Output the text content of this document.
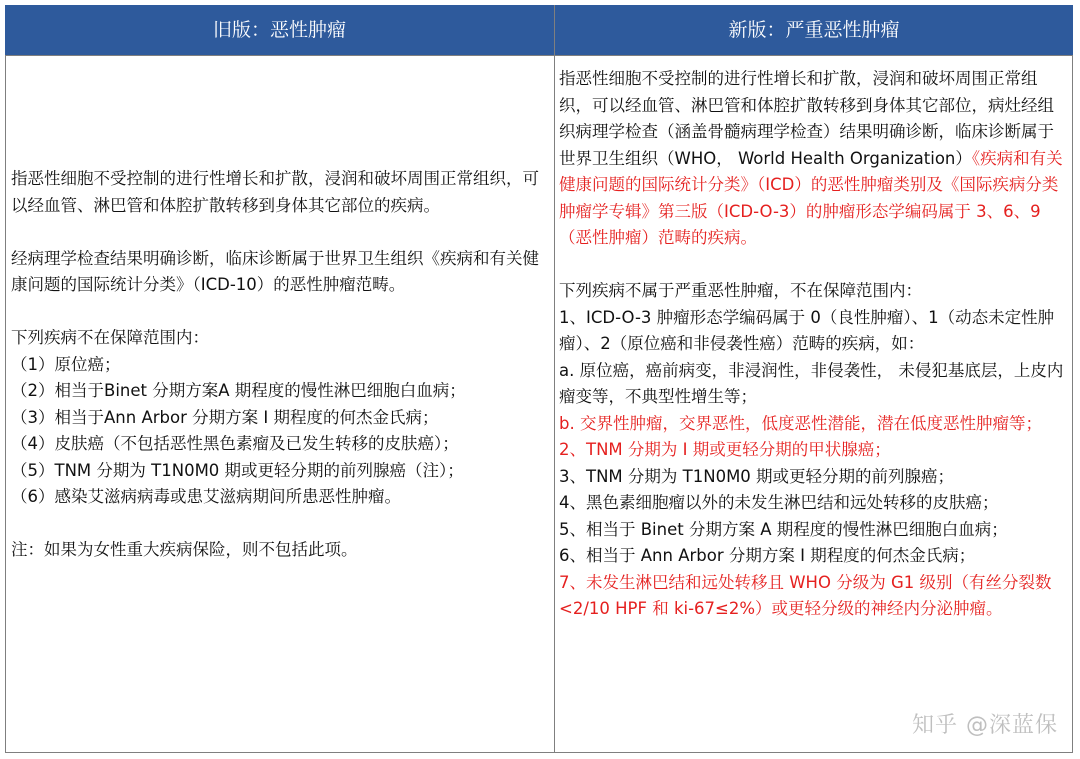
旧版：恶性肿瘤	新版：严重恶性肿瘤

指恶性细胞不受控制的进行性增长和扩散，浸润和破坏周围正常组织，可以经血管、淋巴管和体腔扩散转移到身体其它部位的疾病。

经病理学检查结果明确诊断，临床诊断属于世界卫生组织《疾病和有关健康问题的国际统计分类》（ICD-10）的恶性肿瘤范畴。

下列疾病不在保障范围内：

（1）原位癌；

（2）相当于Binet 分期方案A 期程度的慢性淋巴细胞白血病；

（3）相当于Ann Arbor 分期方案 I 期程度的何杰金氏病；

（4）皮肤癌（不包括恶性黑色素瘤及已发生转移的皮肤癌）；

（5）TNM 分期为 T1N0M0 期或更轻分期的前列腺癌（注）；

（6）感染艾滋病病毒或患艾滋病期间所患恶性肿瘤。

注：如果为女性重大疾病保险，则不包括此项。

指恶性细胞不受控制的进行性增长和扩散，浸润和破坏周围正常组织，可以经血管、淋巴管和体腔扩散转移到身体其它部位，病灶经组织病理学检查（涵盖骨髓病理学检查）结果明确诊断，临床诊断属于世界卫生组织（WHO， World Health Organization）《疾病和有关健康问题的国际统计分类》（ICD）的恶性肿瘤类别及《国际疾病分类肿瘤学专辑》第三版（ICD-O-3）的肿瘤形态学编码属于 3、6、9（恶性肿瘤）范畴的疾病。

下列疾病不属于严重恶性肿瘤，不在保障范围内：

1、ICD-O-3 肿瘤形态学编码属于 0（良性肿瘤）、1（动态未定性肿瘤）、2（原位癌和非侵袭性癌）范畴的疾病，如：

a. 原位癌，癌前病变，非浸润性，非侵袭性， 未侵犯基底层，上皮内瘤变等，不典型性增生等；

b. 交界性肿瘤，交界恶性，低度恶性潜能，潜在低度恶性肿瘤等；

2、TNM 分期为 I 期或更轻分期的甲状腺癌；

3、TNM 分期为 T1N0M0 期或更轻分期的前列腺癌；

4、黑色素细胞瘤以外的未发生淋巴结和远处转移的皮肤癌；

5、相当于 Binet 分期方案 A 期程度的慢性淋巴细胞白血病；

6、相当于 Ann Arbor 分期方案 I 期程度的何杰金氏病；

7、未发生淋巴结和远处转移且 WHO 分级为 G1 级别（有丝分裂数<2/10 HPF 和 ki-67≤2%）或更轻分级的神经内分泌肿瘤。

知乎 @深蓝保
